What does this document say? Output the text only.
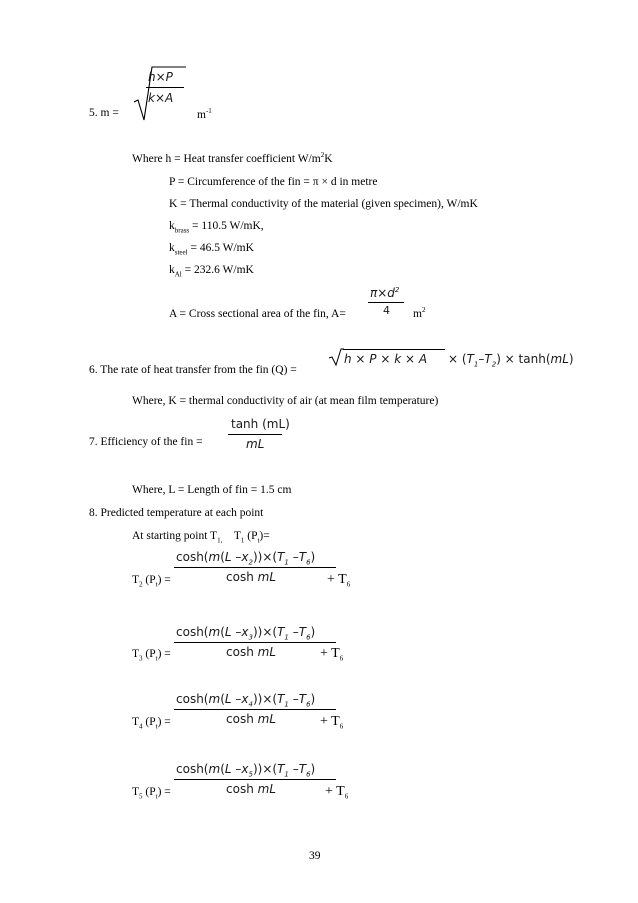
5. m =
h×P
k×A
$m^{-1}$
Where h = Heat transfer coefficient $W/m^2K$
P = Circumference of the fin = π × d in metre
K = Thermal conductivity of the material (given specimen), W/mK
$k_{brass} = 110.5$ W/mK,
$k_{steel} = 46.5$ W/mK
$k_{Al} = 232.6$ W/mK
$\pi\times d^2$
4
A = Cross sectional area of the fin, A=	$m^2$
6. The rate of heat transfer from the fin (Q) =
$h \times P \times k \times A \times (T_1-T_2) \times \tanh(mL)$
Where, K = thermal conductivity of air (at mean film temperature)
tanh (mL)
mL
7. Efficiency of the fin =
Where, L = Length of fin = 1.5 cm
8. Predicted temperature at each point
At starting point $T_{1,}$ $T_1$ $(P_t)=$
cosh(m(L $-x_2))\times(T_1$ $-T_6$)
cosh mL
$T_2$ $(P_t)$ =	+ $T_6$
cosh(m(L $-x_3))\times(T_1$ $-T_6$)
cosh mL
$T_3$ $(P_t)$ =	+ $T_6$
cosh(m(L $-x_4))\times(T_1$ $-T_6$)
cosh mL
$T_4$ $(P_t)$ =	+ $T_6$
cosh(m(L $-x_5))\times(T_1$ $-T_6$)
cosh mL
$T_5$ $(P_t)$ =	+ $T_6$
39
